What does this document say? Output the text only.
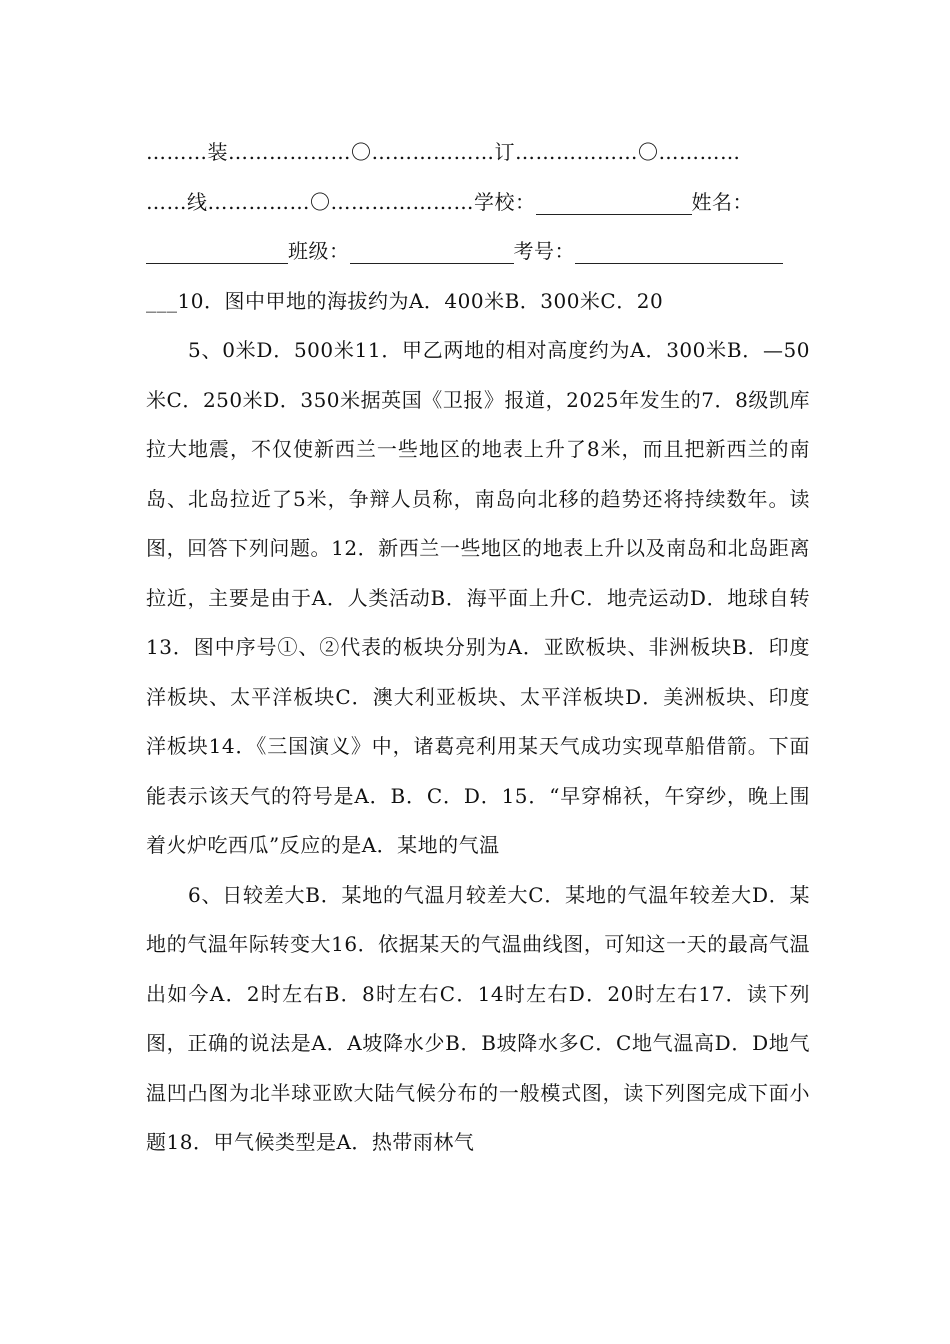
………装………………〇………………订………………〇…………
……线……………〇…………………学校：	姓名：
班级：	考号：

___10．图中甲地的海拔约为A．400米B．300米C．20

5、0米D．500米11．甲乙两地的相对高度约为A．300米B．—50米C．250米D．350米据英国《卫报》报道，2025年发生的7．8级凯库拉大地震，不仅使新西兰一些地区的地表上升了8米，而且把新西兰的南岛、北岛拉近了5米，争辩人员称，南岛向北移的趋势还将持续数年。读图，回答下列问题。12．新西兰一些地区的地表上升以及南岛和北岛距离拉近，主要是由于A．人类活动B．海平面上升C．地壳运动D．地球自转13．图中序号①、②代表的板块分别为A．亚欧板块、非洲板块B．印度洋板块、太平洋板块C．澳大利亚板块、太平洋板块D．美洲板块、印度洋板块14．《三国演义》中，诸葛亮利用某天气成功实现草船借箭。下面能表示该天气的符号是A．B．C．D．15．“早穿棉袄，午穿纱，晚上围着火炉吃西瓜”反应的是A．某地的气温

6、日较差大B．某地的气温月较差大C．某地的气温年较差大D．某地的气温年际转变大16．依据某天的气温曲线图，可知这一天的最高气温出如今A．2时左右B．8时左右C．14时左右D．20时左右17．读下列图，正确的说法是A．A坡降水少B．B坡降水多C．C地气温高D．D地气温凹凸图为北半球亚欧大陆气候分布的一般模式图，读下列图完成下面小题18．甲气候类型是A．热带雨林气
